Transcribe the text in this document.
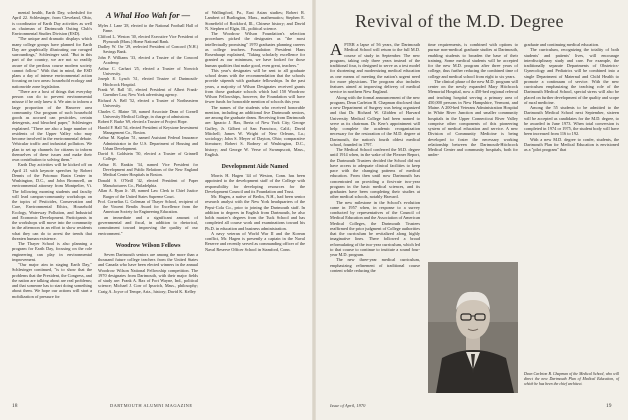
mental health, Earth Day, scheduled for April 22. Schlesinger, from Cleveland, Ohio, is coordinator of Earth Day activities as well as chairman of Dartmouth Outing Club's Environmental Studies Division (ESD).

"The unique and dramatic displays which many college groups have planned for Earth Day are graphically illustrating our ravaged surroundings," Schlesinger said. "But in this part of the country, we are not so readily aware of the perilous course modern society cannot follow." With that in mind, the ESD plans a day of intense environmental action focusing on two areas: household ecology and nationwide zone legislation.

"There are a host of things that everyday person can do to prevent environmental misuse if he only knew it. We aim to inform a large proportion of the Hanover area community. Our program of such household goods as accrued can pesticides, certain detergents, and bleached paper," Schlesinger explained. "There are also a large number of residents of the Upper Valley who may become involved in the environmental debate. Vehicular traffic and industrial pollution. We plan to set up channels for citizens to inform themselves of these issues and make their own contribution to solving them."

Earth Day activities will be kicked off on April 21 with keynote speeches by Robert Dennis of the Potomac Basin Center in Washington, D.C., and John Bromwell, an environmental attorney from Montpelier, Vt. The following morning students and faculty will lead campus-community workshops on the topics of Pesticides, Conservation and Care, Environmental Ethics, Household Ecology, Waterway Pollution, and Industrial and Economic Development. Participants in the workshops will move into the community in the afternoon in an effort to show residents what they can do to arrest the trends that threaten human existence.

The Thayer School is also planning a program for Earth Day, focusing on the role engineering can play in environmental improvement.

"Our major aim in staging Earth Day," Schlesinger continued, "is to show that the problems that the President, the Congress, and the nation are talking about are real problems; and that someone has to start doing something about them. We hope our actions will start a mobilization of pressure for

A Whal Hoo Wah for —
Myles J. Lane '28, elected to the National Football Hall of Fame.
Clifford L. Weston '30, elected Executive Vice President of Plymouth (Mass.) Home National Bank.
Dudley W. Orr '29, reelected President of Concord (N.H.) Savings Bank.
John P. Williams '33, elected a Trustee of the Concord Academy.
Arthur C. Carhart '25, elected a Trustee of Norwich University.
Joseph E. Lynch '31, elected Trustee of Dartmouth-Hitchcock Hospital.
Frank W. Ball '41, elected President of Albert Frank-Guenther Law, New York advertising agency.
Richard A. Bell '52, elected a Trustee of Northeastern University.
Charles C. Blaine '30, named Associate Dean of Cornell University Medical College, in charge of admissions.
Robert F. Burke '69, elected a Trustee of Project Hope.
Harold F. Hall '54, elected President of Keystone Investment Management Co., Boston.
Arthur M. Kaplan '51, named Assistant Federal Insurance Administrator in the U.S. Department of Housing and Urban Development.
David S. Goldstein '50, elected a Trustee of Grinnell College.
Arthur R. Rankin '34, named Vice President for Development and Public Relations of the New England Medical Center Hospitals in Boston.
Donald S. O'Neill '42, elected President of Paper Manufacturers Co., Philadelphia.
Allan A. Ryan Jr. '48, named Law Clerk to Chief Justice Burger of the United States Supreme Court.
Prof. Cornelius G. Coleman of Thayer School, recipient of the Vincent Bendix Award for Excellence from the American Society for Engineering Education.

an immediate and a significant amount of governmental and fiscal, in addition to rhetorical, commitment toward improving the quality of our environment."

Woodrow Wilson Fellows

Seven Dartmouth seniors are among the more than a thousand future college teachers from the United States and Canada who have been elected winners in the annual Woodrow Wilson National Fellowship competition. The 1970 designates from Dartmouth, with their major fields of study are: Frank A. Bax of Fort Wayne, Ind., political science; Michael J. Corr of Ipswich, Mass., philosophy; Craig A. Joyce of Tempe, Ariz., history; David K. Kelley

of Wallingford, Pa., East Asian studies; Robert R. Lambert of Burlington, Mass., mathematics; Stephen E. Stonefield of Rockford, Ill., Chinese history; and David N. Stephen of Elgin, Ill., political science.

The Woodrow Wilson Foundation's selection procedures picked the designates as "the most intellectually promising" 1970 graduates planning careers as college teachers. Foundation President Hans Rosenhaupt explained, "Taking scholarly excellence for granted as our minimum, we have looked for those human qualities that make good, even great, teachers."

This year's designates will be sent to all graduate school deans with the recommendation that the schools provide stipends with graduate fellowships. In the past years, a majority of Wilson Designates received grants from those graduate schools which had 150 Woodrow Wilson Fellowships, however, the Foundation will have fewer funds for honorable mention of schools this year.

The names of the students who received honorable mention, including an additional five Dartmouth seniors, are among the graduate deans. Receiving from Dartmouth are: Ignacio J. Bax, Iberia of New York City; George Guffey, Jr. Gilbert of San Francisco, Calif.; David Mitchell; James W. Wright of New Orleans, La.; sociology; John S. Meyer of Dayton, Ohio; comparative literature; Robert S. Rodney of Washington, D.C., history; and George W. Verse of Swampscott, Mass., English.

Development Aide Named

Morris H. Hagen '44 of Weston, Conn. has been appointed to the development staff of the College with responsibility for developing resources for the Development Council and its Foundation and Trust.

Mr. Hagen, a native of Berlin, N.H., had been senior research analyst with the New York headquarters of the Pepsi-Cola Co., prior to joining the Dartmouth staff. In addition to degrees in English from Dartmouth, he also holds master's degrees from the Tuck School and has completed all course work and examinations toward his Ph.D. in education and business administration.

A navy veteran of World War II and the Korean conflict, Mr. Hagen is presently a captain in the Naval Reserve and recently served as commanding officer of the Naval Reserve Officer School in Stamford, Conn.

Revival of the M.D. Degree

AFTER a lapse of 56 years, the Dartmouth Medical School will return to the full M.D. course of study in September. The new program, taking only three years instead of the traditional four, is designed to serve as a test model for shortening and modernizing medical education as one means of meeting the nation's urgent need for more physicians. The program also includes features aimed at improving delivery of medical service in northern New England.

Along with the formal announcement of the new program, Dean Carleton B. Chapman disclosed that a new Department of Surgery was being organized and that Dr. Richard W. Glidden of Harvard University Medical College had been named to serve as its chairman. Dr. Kerr's appointment will help complete the academic reorganization necessary for the restoration of the M.D. degree at Dartmouth, the nation's fourth oldest medical school, founded in 1797.

The Medical School conferred the M.D. degree until 1914 when, in the wake of the Flexner Report, the Dartmouth Trustees decided the School did not have access to adequate clinical facilities to keep pace with the changing patterns of medical education. From then until now Dartmouth has concentrated on providing a first-rate two-year program in the basic medical sciences, and its graduates have been completing their studies at other medical schools, notably Harvard.

The new milestone in the School's evolution came in 1957 when, in response to a survey conducted by representatives of the Council of Medical Education and the Association of American Medical Colleges, the Dartmouth Trustees reaffirmed the prior judgment of College authorities that the curriculum be revitalized along highly imaginative lines. There followed a broad reformulating of the two-year curriculum, which led to that course to continue to institute a sound four-year M.D. program.

The new three-year medical curriculum, emphasizing refinement of traditional course content while reducing the

time requirements, is combined with options to pursue non-medical graduate studies at Dartmouth, enabling students to broaden the base of their training. Some medical students will be accepted for the new M.D. program after three years of college, thus further reducing the combined time of college and medical school from eight to six years.

The clinical phase of the new M.D. program will center on the newly expanded Mary Hitchcock Memorial Hospital, now a 450-bed regional referral and teaching hospital serving a primary area of 450,000 persons in New Hampshire, Vermont, and Maine. A 200-bed Veterans Administration Hospital in White River Junction and smaller community hospitals in the Upper Connecticut River Valley comprise other components of this pioneering system of medical education and service. A new Division of Community Medicine is being developed to foster the necessary working relationship between the Dartmouth-Hitchcock Medical Center and community hospitals, both for under-

graduate and continuing medical education.

The curriculum, recognizing the totality of both students' and patients' lives, will encourage interdisciplinary study and care. For example, the traditionally separate Departments of Obstetrics-Gynecology and Pediatrics will be combined into a single Department of Maternal and Child Health to promote a continuum of service. With the new curriculum emphasizing the teaching role of the Dartmouth Medical School, special stress will also be placed on further development of the quality and scope of rural medicine.

Among the 55 students to be admitted to the Dartmouth Medical School next September, sixteen will be accepted as candidates for the M.D. degree, to be awarded in June 1973. When total conversion is completed in 1974 or 1975, the student body will have been increased from 116 to 192.

With a new M.D. degree to confer, students, the Dartmouth Plan for Medical Education is envisioned as a "pilot program" that

Dean Carleton B. Chapman of the Medical School, who will direct the new Dartmouth Plan of Medical Education, of which he has been the chief architect.
18	DARTMOUTH ALUMNI MAGAZINE	Issue of April, 1970	19
